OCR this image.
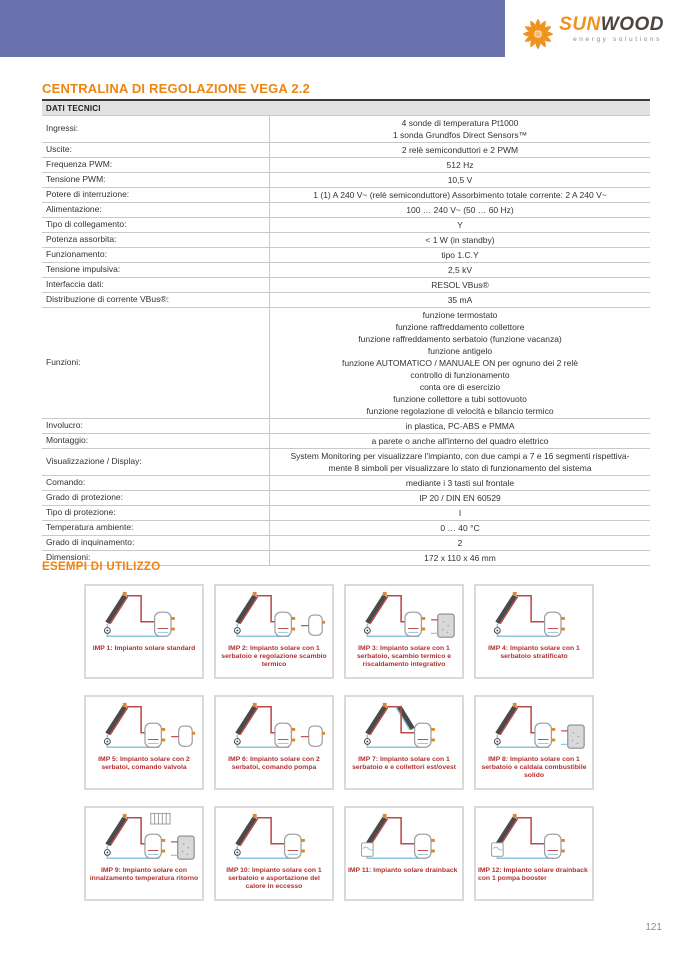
SUNWOOD
energy solutions
CENTRALINA DI REGOLAZIONE VEGA 2.2
DATI TECNICI
Ingressi:
4 sonde di temperatura Pt1000
1 sonda Grundfos Direct Sensors™
Uscite:	2 relè semiconduttori e 2 PWM
Frequenza PWM:	512 Hz
Tensione PWM:	10,5 V
Potere di interruzione:	1 (1) A 240 V~ (relè semiconduttore) Assorbimento totale corrente: 2 A 240 V~
Alimentazione:	100 … 240 V~ (50 … 60 Hz)
Tipo di collegamento:	Y
Potenza assorbita:	< 1 W (in standby)
Funzionamento:	tipo 1.C.Y
Tensione impulsiva:	2,5 kV
Interfaccia dati:	RESOL VBus®
Distribuzione di corrente VBus®:	35 mA
Funzioni:
funzione termostato
funzione raffreddamento collettore
funzione raffreddamento serbatoio (funzione vacanza)
funzione antigelo
funzione AUTOMATICO / MANUALE ON per ognuno dei 2 relè
controllo di funzionamento
conta ore di esercizio
funzione collettore a tubi sottovuoto
funzione regolazione di velocità e bilancio termico
Involucro:	in plastica, PC-ABS e PMMA
Montaggio:	a parete o anche all'interno del quadro elettrico
Visualizzazione / Display:
System Monitoring per visualizzare l'impianto, con due campi a 7 e 16 segmenti rispettiva-
mente 8 simboli per visualizzare lo stato di funzionamento del sistema
Comando:	mediante i 3 tasti sul frontale
Grado di protezione:	IP 20 / DIN EN 60529
Tipo di protezione:	I
Temperatura ambiente:	0 … 40 °C
Grado di inquinamento:	2
Dimensioni:	172 x 110 x 46 mm
ESEMPI DI UTILIZZO
IMP 1: Impianto solare standard	IMP 2: Impianto solare con 1 serbatoio e regolazione scambio termico
IMP 3: Impianto solare con 1 serbatoio, scambio termico e riscaldamento integrativo
IMP 4: Impianto solare con 1 serbatoio stratificato
IMP 5: Impianto solare con 2 serbatoi, comando valvola
IMP 6: Impianto solare con 2 serbatoi, comando pompa
IMP 7: Impianto solare con 1 serbatoio e e collettori est/ovest
IMP 8: Impianto solare con 1 serbatoio e caldaia combustibile solido
IMP 9: Impianto solare con innalzamento temperatura ritorno
IMP 10: Impianto solare con 1 serbatoio e asportazione del calore in eccesso
IMP 11: Impianto solare drainback	IMP 12: Impianto solare drainback con 1 pompa booster
121
